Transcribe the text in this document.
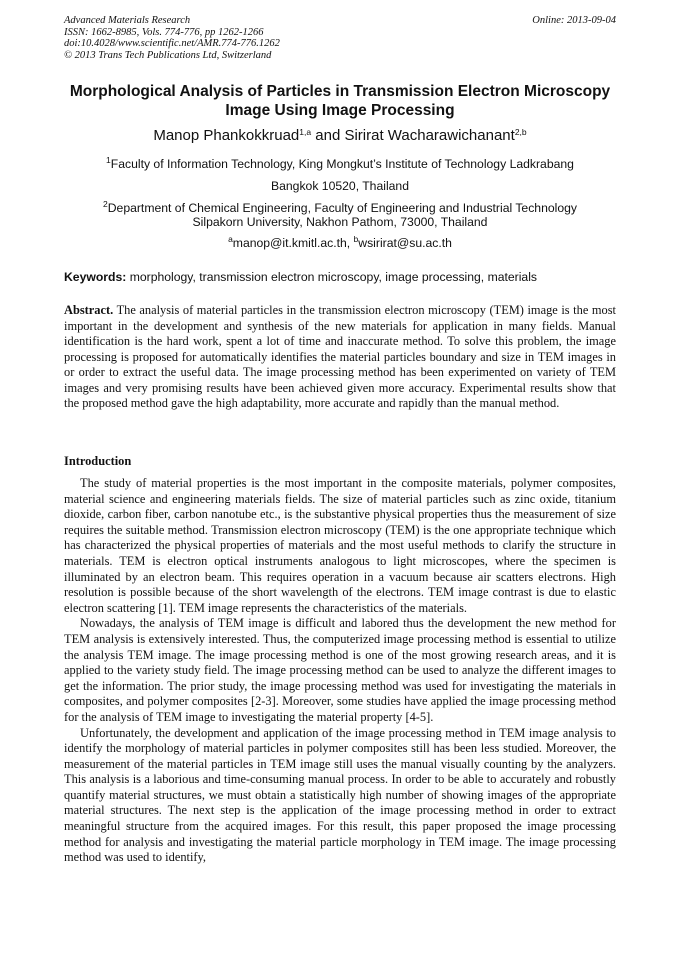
Advanced Materials Research
ISSN: 1662-8985, Vols. 774-776, pp 1262-1266
doi:10.4028/www.scientific.net/AMR.774-776.1262
© 2013 Trans Tech Publications Ltd, Switzerland
Online: 2013-09-04
Morphological Analysis of Particles in Transmission Electron Microscopy Image Using Image Processing
Manop Phankokkruad$^{1,a}$ and Sirirat Wacharawichanant$^{2,b}$
$^1$Faculty of Information Technology, King Mongkut’s Institute of Technology Ladkrabang
Bangkok 10520, Thailand
$^2$Department of Chemical Engineering, Faculty of Engineering and Industrial Technology
Silpakorn University, Nakhon Pathom, 73000, Thailand
$^a$manop@it.kmitl.ac.th, $^b$wsirirat@su.ac.th
Keywords: morphology, transmission electron microscopy, image processing, materials
Abstract. The analysis of material particles in the transmission electron microscopy (TEM) image is the most important in the development and synthesis of the new materials for application in many fields. Manual identification is the hard work, spent a lot of time and inaccurate method. To solve this problem, the image processing is proposed for automatically identifies the material particles boundary and size in TEM images in or order to extract the useful data. The image processing method has been experimented on variety of TEM images and very promising results have been achieved given more accuracy. Experimental results show that the proposed method gave the high adaptability, more accurate and rapidly than the manual method.
Introduction

The study of material properties is the most important in the composite materials, polymer composites, material science and engineering materials fields. The size of material particles such as zinc oxide, titanium dioxide, carbon fiber, carbon nanotube etc., is the substantive physical properties thus the measurement of size requires the suitable method. Transmission electron microscopy (TEM) is the one appropriate technique which has characterized the physical properties of materials and the most useful methods to clarify the structure in materials. TEM is electron optical instruments analogous to light microscopes, where the specimen is illuminated by an electron beam. This requires operation in a vacuum because air scatters electrons. High resolution is possible because of the short wavelength of the electrons. TEM image contrast is due to elastic electron scattering [1]. TEM image represents the characteristics of the materials.

Nowadays, the analysis of TEM image is difficult and labored thus the development the new method for TEM analysis is extensively interested. Thus, the computerized image processing method is essential to utilize the analysis TEM image. The image processing method is one of the most growing research areas, and it is applied to the variety study field. The image processing method can be used to analyze the different images to get the information. The prior study, the image processing method was used for investigating the materials in composites, and polymer composites [2-3]. Moreover, some studies have applied the image processing method for the analysis of TEM image to investigating the material property [4-5].

Unfortunately, the development and application of the image processing method in TEM image analysis to identify the morphology of material particles in polymer composites still has been less studied. Moreover, the measurement of the material particles in TEM image still uses the manual visually counting by the analyzers. This analysis is a laborious and time-consuming manual process. In order to be able to accurately and robustly quantify material structures, we must obtain a statistically high number of showing images of the appropriate material structures. The next step is the application of the image processing method in order to extract meaningful structure from the acquired images. For this result, this paper proposed the image processing method for analysis and investigating the material particle morphology in TEM image. The image processing method was used to identify,
